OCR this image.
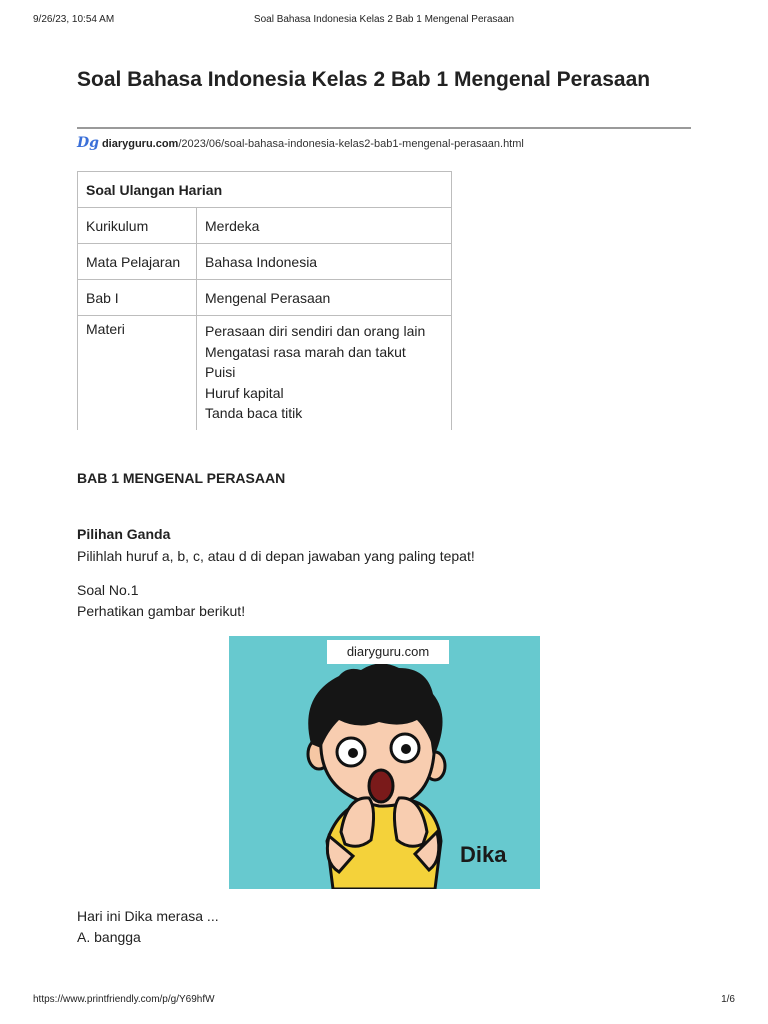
9/26/23, 10:54 AM	Soal Bahasa Indonesia Kelas 2 Bab 1 Mengenal Perasaan
Soal Bahasa Indonesia Kelas 2 Bab 1 Mengenal Perasaan
Dg diaryguru.com/2023/06/soal-bahasa-indonesia-kelas2-bab1-mengenal-perasaan.html
Soal Ulangan Harian	
Kurikulum	Merdeka
Mata Pelajaran	Bahasa Indonesia
Bab I	Mengenal Perasaan
Materi	Perasaan diri sendiri dan orang lain
Mengatasi rasa marah dan takut
Puisi
Huruf kapital
Tanda baca titik
BAB 1 MENGENAL PERASAAN
Pilihan Ganda
Pilihlah huruf a, b, c, atau d di depan jawaban yang paling tepat!
Soal No.1
Perhatikan gambar berikut!
diaryguru.com
Dika
Hari ini Dika merasa ...
A. bangga
https://www.printfriendly.com/p/g/Y69hfW	1/6
